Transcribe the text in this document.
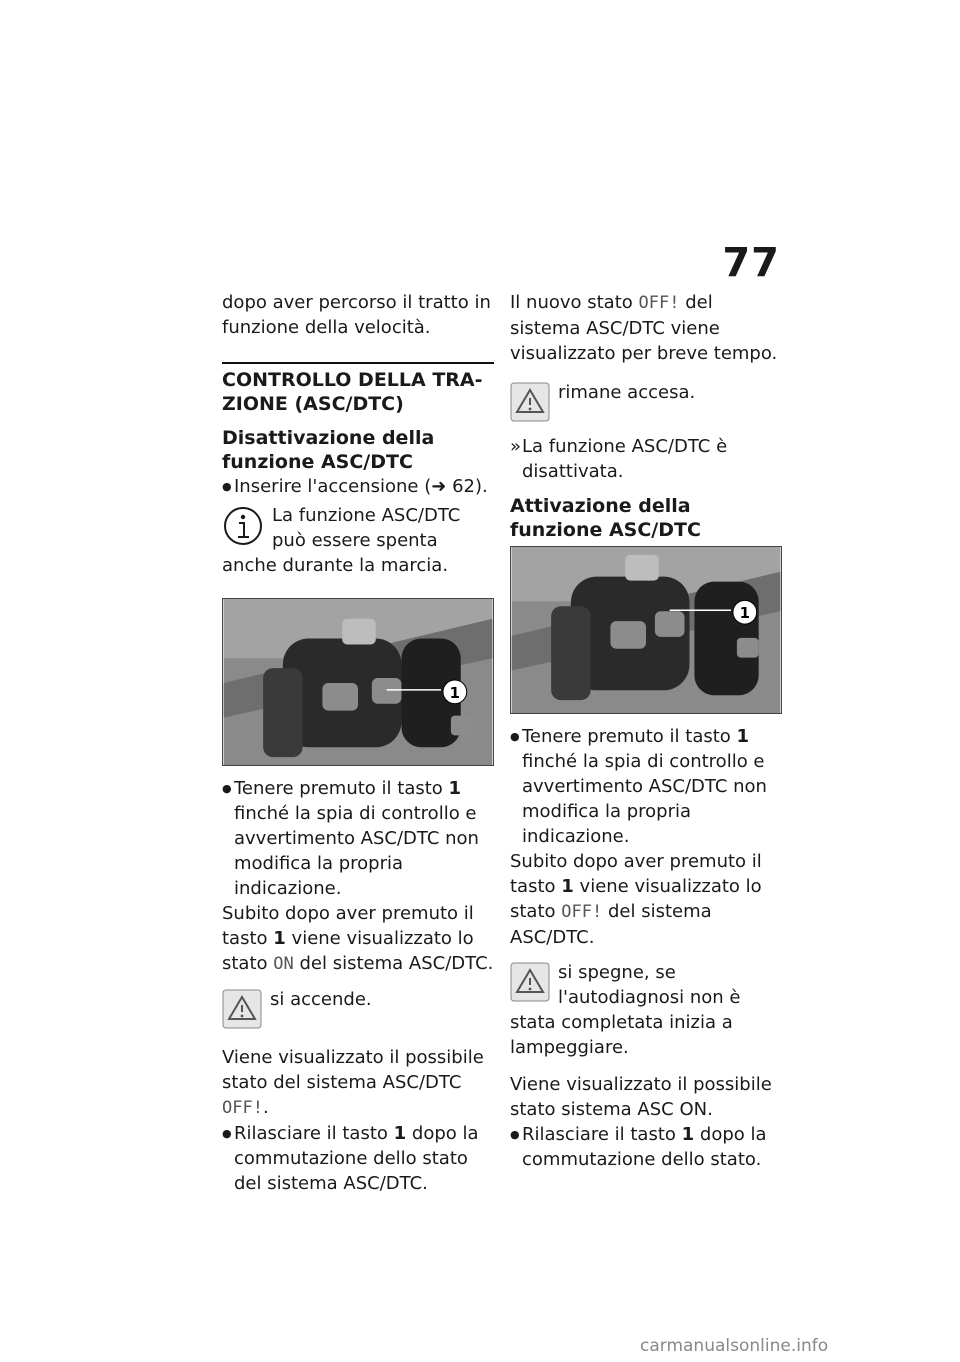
77

dopo aver percorso il tratto in funzione della velocità.

CONTROLLO DELLA TRA-
ZIONE (ASC/DTC)
Disattivazione della funzione ASC/DTC

● Inserire l'accensione (➜ 62).

La funzione ASC/DTC può essere spenta anche durante la marcia.

1

● Tenere premuto il tasto 1 finché la spia di controllo e avvertimento ASC/DTC non modifica la propria indicazione.

Subito dopo aver premuto il tasto 1 viene visualizzato lo stato ON del sistema ASC/DTC.

si accende.

Viene visualizzato il possibile stato del sistema ASC/DTC OFF!.

● Rilasciare il tasto 1 dopo la commutazione dello stato del sistema ASC/DTC.

Il nuovo stato OFF! del sistema ASC/DTC viene visualizzato per breve tempo.

rimane accesa.

» La funzione ASC/DTC è disattivata.

Attivazione della funzione ASC/DTC
1

● Tenere premuto il tasto 1 finché la spia di controllo e avvertimento ASC/DTC non modifica la propria indicazione.

Subito dopo aver premuto il tasto 1 viene visualizzato lo stato OFF! del sistema ASC/DTC.

si spegne, se l'autodiagnosi non è stata completata inizia a lampeggiare.

Viene visualizzato il possibile stato sistema ASC ON.

● Rilasciare il tasto 1 dopo la commutazione dello stato.

carmanualsonline.info
